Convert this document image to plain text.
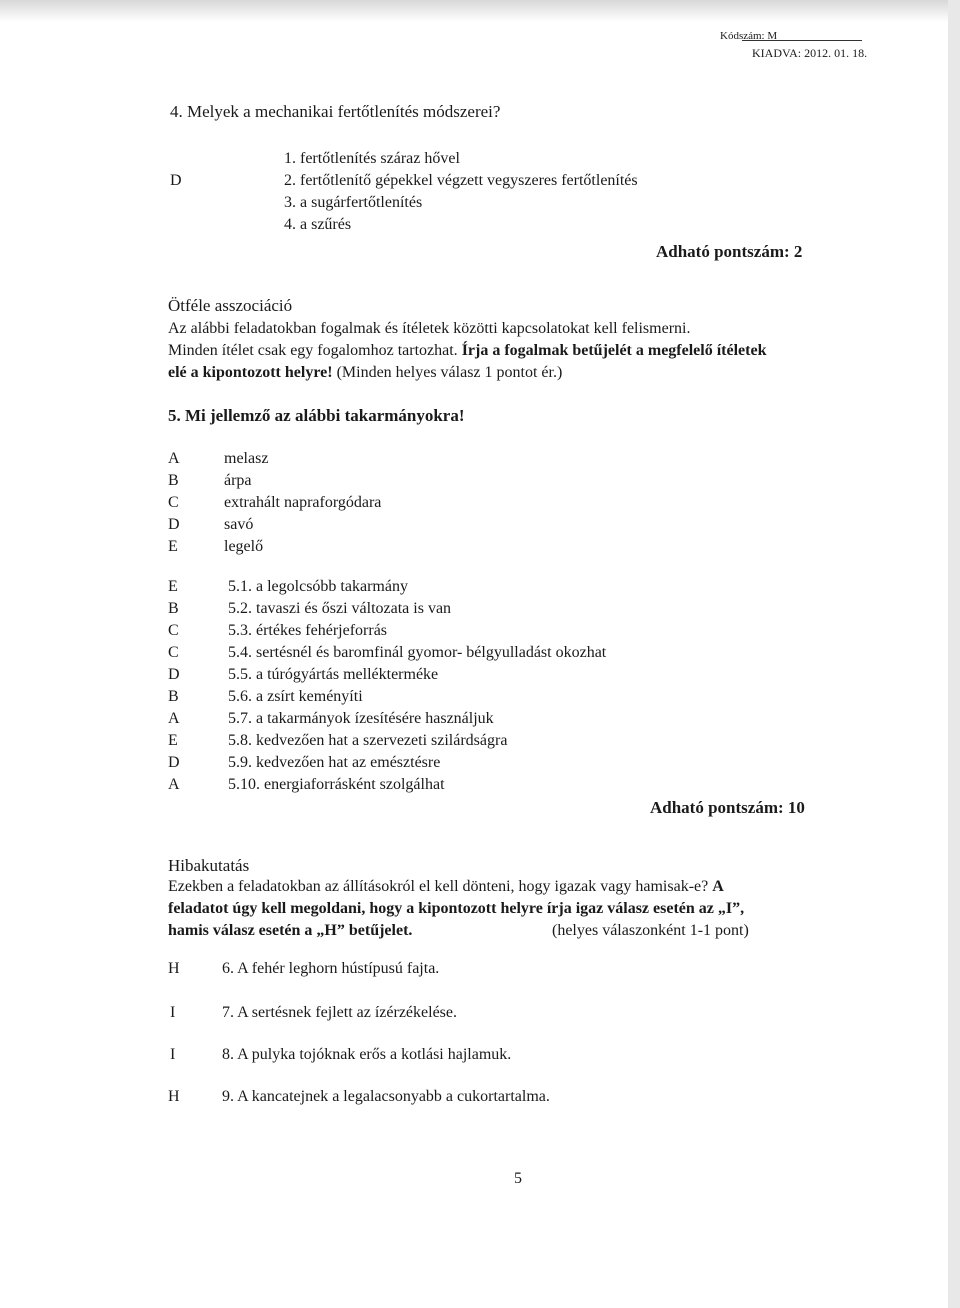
Kódszám: M
KIADVA: 2012. 01. 18.
4. Melyek a mechanikai fertőtlenítés módszerei?
D
1. fertőtlenítés száraz hővel
2. fertőtlenítő gépekkel végzett vegyszeres fertőtlenítés
3. a sugárfertőtlenítés
4. a szűrés
Adható pontszám: 2
Ötféle asszociáció
Az alábbi feladatokban fogalmak és ítéletek közötti kapcsolatokat kell felismerni.
Minden ítélet csak egy fogalomhoz tartozhat. Írja a fogalmak betűjelét a megfelelő ítéletek
elé a kipontozott helyre! (Minden helyes válasz 1 pontot ér.)
5. Mi jellemző az alábbi takarmányokra!
A	melasz
B	árpa
C	extrahált napraforgódara
D	savó
E	legelő
E	5.1. a legolcsóbb takarmány
B	5.2. tavaszi és őszi változata is van
C	5.3. értékes fehérjeforrás
C	5.4. sertésnél és baromfinál gyomor- bélgyulladást okozhat
D	5.5. a túrógyártás mellékterméke
B	5.6. a zsírt keményíti
A	5.7. a takarmányok ízesítésére használjuk
E	5.8. kedvezően hat a szervezeti szilárdságra
D	5.9. kedvezően hat az emésztésre
A	5.10. energiaforrásként szolgálhat
Adható pontszám: 10
Hibakutatás
Ezekben a feladatokban az állításokról el kell dönteni, hogy igazak vagy hamisak-e? A
feladatot úgy kell megoldani, hogy a kipontozott helyre írja igaz válasz esetén az „I”,
hamis válasz esetén a „H” betűjelet.	(helyes válaszonként 1-1 pont)
H	6. A fehér leghorn hústípusú fajta.
I	7. A sertésnek fejlett az ízérzékelése.
I	8. A pulyka tojóknak erős a kotlási hajlamuk.
H	9. A kancatejnek a legalacsonyabb a cukortartalma.
5
